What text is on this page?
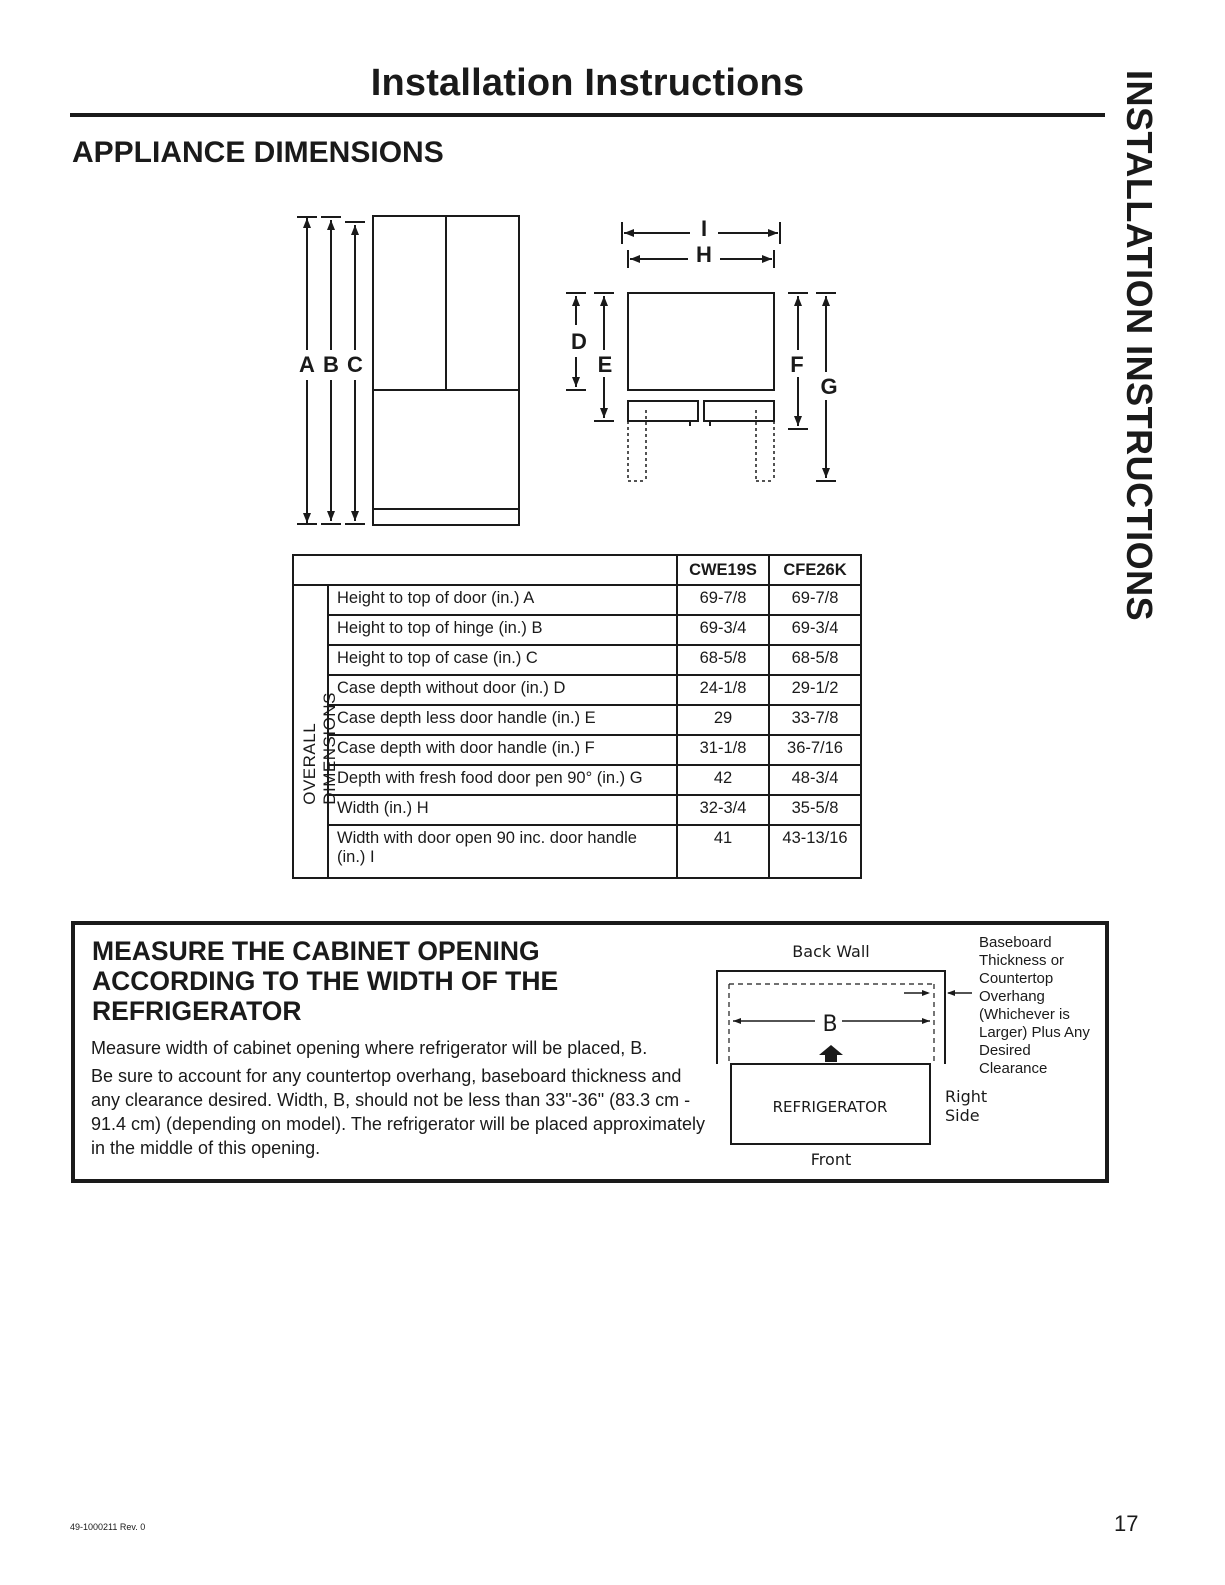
Installation Instructions	INSTALLATION INSTRUCTIONS
APPLIANCE DIMENSIONS
A B C
I
H
D
E	F
G
		CWE19S	CFE26K

OVERALL DIMENSIONS	Height to top of door (in.) A	69-7/8	69-7/8
	Height to top of hinge (in.) B	69-3/4	69-3/4
	Height to top of case (in.) C	68-5/8	68-5/8
	Case depth without door (in.) D	24-1/8	29-1/2
	Case depth less door handle (in.) E	29	33-7/8
	Case depth with door handle (in.) F	31-1/8	36-7/16
	Depth with fresh food door pen 90° (in.) G	42	48-3/4
	Width (in.) H	32-3/4	35-5/8
	Width with door open 90 inc. door handle (in.) I	41	43-13/16
MEASURE THE CABINET OPENING ACCORDING TO THE WIDTH OF THE REFRIGERATOR
Measure width of cabinet opening where refrigerator will be placed, B.
Be sure to account for any countertop overhang, baseboard thickness and any clearance desired. Width, B, should not be less than 33"-36" (83.3 cm - 91.4 cm) (depending on model). The refrigerator will be placed approximately in the middle of this opening.
Back Wall
B
REFRIGERATOR
Front
Right Side
Baseboard Thickness or Countertop Overhang (Whichever is Larger) Plus Any Desired Clearance
49-1000211 Rev. 0	17
